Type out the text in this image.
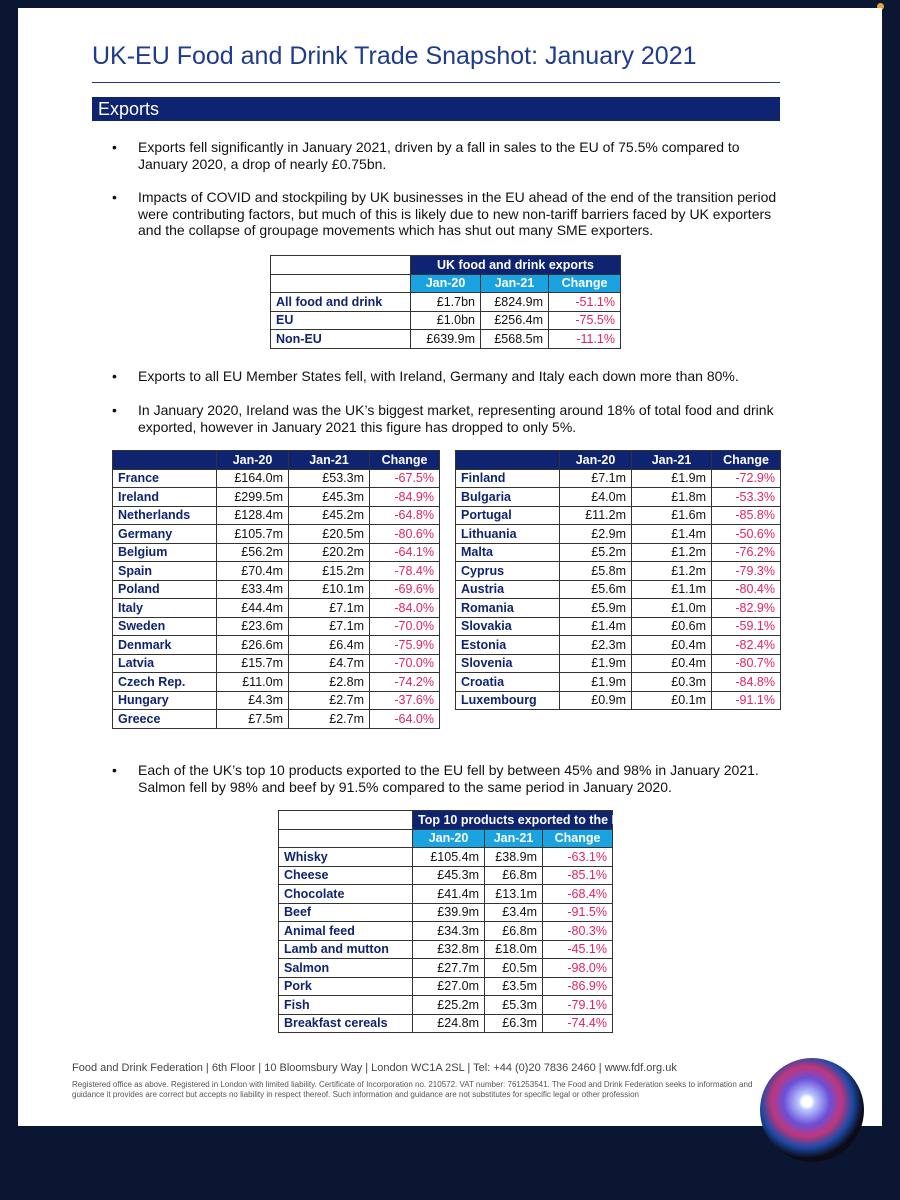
UK-EU Food and Drink Trade Snapshot: January 2021
Exports
• Exports fell significantly in January 2021, driven by a fall in sales to the EU of 75.5% compared to January 2020, a drop of nearly £0.75bn.
• Impacts of COVID and stockpiling by UK businesses in the EU ahead of the end of the transition period were contributing factors, but much of this is likely due to new non-tariff barriers faced by UK exporters and the collapse of groupage movements which has shut out many SME exporters.
	UK food and drink exports		
	Jan-20	Jan-21	Change
All food and drink	£1.7bn	£824.9m	-51.1%
EU	£1.0bn	£256.4m	-75.5%
Non-EU	£639.9m	£568.5m	-11.1%
• Exports to all EU Member States fell, with Ireland, Germany and Italy each down more than 80%.
• In January 2020, Ireland was the UK’s biggest market, representing around 18% of total food and drink exported, however in January 2021 this figure has dropped to only 5%.
	Jan-20	Jan-21	Change
France	£164.0m	£53.3m	-67.5%
Ireland	£299.5m	£45.3m	-84.9%
Netherlands	£128.4m	£45.2m	-64.8%
Germany	£105.7m	£20.5m	-80.6%
Belgium	£56.2m	£20.2m	-64.1%
Spain	£70.4m	£15.2m	-78.4%
Poland	£33.4m	£10.1m	-69.6%
Italy	£44.4m	£7.1m	-84.0%
Sweden	£23.6m	£7.1m	-70.0%
Denmark	£26.6m	£6.4m	-75.9%
Latvia	£15.7m	£4.7m	-70.0%
Czech Rep.	£11.0m	£2.8m	-74.2%
Hungary	£4.3m	£2.7m	-37.6%
Greece	£7.5m	£2.7m	-64.0%
	Jan-20	Jan-21	Change
Finland	£7.1m	£1.9m	-72.9%
Bulgaria	£4.0m	£1.8m	-53.3%
Portugal	£11.2m	£1.6m	-85.8%
Lithuania	£2.9m	£1.4m	-50.6%
Malta	£5.2m	£1.2m	-76.2%
Cyprus	£5.8m	£1.2m	-79.3%
Austria	£5.6m	£1.1m	-80.4%
Romania	£5.9m	£1.0m	-82.9%
Slovakia	£1.4m	£0.6m	-59.1%
Estonia	£2.3m	£0.4m	-82.4%
Slovenia	£1.9m	£0.4m	-80.7%
Croatia	£1.9m	£0.3m	-84.8%
Luxembourg	£0.9m	£0.1m	-91.1%
• Each of the UK’s top 10 products exported to the EU fell by between 45% and 98% in January 2021. Salmon fell by 98% and beef by 91.5% compared to the same period in January 2020.
	Top 10 products exported to the EU		
	Jan-20	Jan-21	Change
Whisky	£105.4m	£38.9m	-63.1%
Cheese	£45.3m	£6.8m	-85.1%
Chocolate	£41.4m	£13.1m	-68.4%
Beef	£39.9m	£3.4m	-91.5%
Animal feed	£34.3m	£6.8m	-80.3%
Lamb and mutton	£32.8m	£18.0m	-45.1%
Salmon	£27.7m	£0.5m	-98.0%
Pork	£27.0m	£3.5m	-86.9%
Fish	£25.2m	£5.3m	-79.1%
Breakfast cereals	£24.8m	£6.3m	-74.4%
Food and Drink Federation | 6th Floor | 10 Bloomsbury Way | London WC1A 2SL | Tel: +44 (0)20 7836 2460 | www.fdf.org.uk
Registered office as above. Registered in London with limited liability. Certificate of Incorporation no. 210572. VAT number: 761253541. The Food and Drink Federation seeks to information and guidance it provides are correct but accepts no liability in respect thereof. Such information and guidance are not substitutes for specific legal or other profession
